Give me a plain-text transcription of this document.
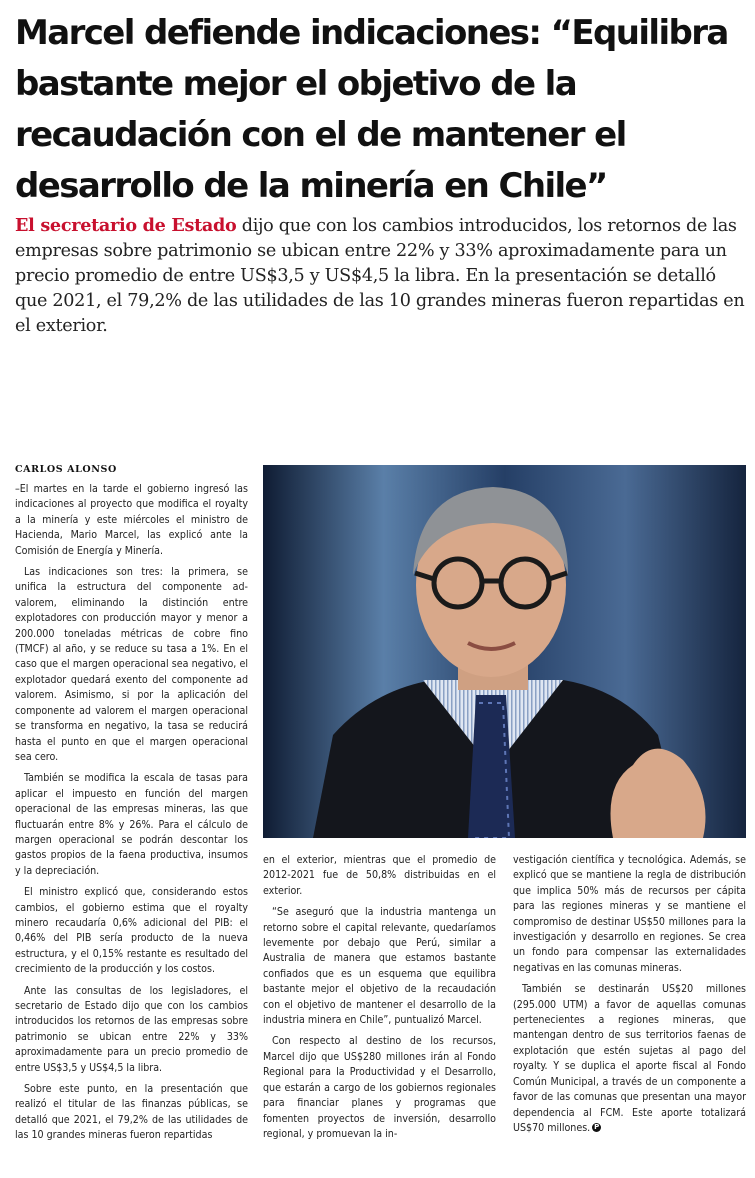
Marcel defiende indicaciones: “Equilibra bastante mejor el objetivo de la recaudación con el de mantener el desarrollo de la minería en Chile”

El secretario de Estado dijo que con los cambios introducidos, los retornos de las empresas sobre patrimonio se ubican entre 22% y 33% aproximadamente para un precio promedio de entre US$3,5 y US$4,5 la libra. En la presentación se detalló que 2021, el 79,2% de las utilidades de las 10 grandes mineras fueron repartidas en el exterior.

CARLOS ALONSO

–El martes en la tarde el gobierno ingresó las indicaciones al proyecto que modifica el royalty a la minería y este miércoles el ministro de Hacienda, Mario Marcel, las explicó ante la Comisión de Energía y Minería.

Las indicaciones son tres: la primera, se unifica la estructura del componente ad-valorem, eliminando la distinción entre explotadores con producción mayor y menor a 200.000 toneladas métricas de cobre fino (TMCF) al año, y se reduce su tasa a 1%. En el caso que el margen operacional sea negativo, el explotador quedará exento del componente ad valorem. Asimismo, si por la aplicación del componente ad valorem el margen operacional se transforma en negativo, la tasa se reducirá hasta el punto en que el margen operacional sea cero.

También se modifica la escala de tasas para aplicar el impuesto en función del margen operacional de las empresas mineras, las que fluctuarán entre 8% y 26%. Para el cálculo de margen operacional se podrán descontar los gastos propios de la faena productiva, insumos y la depreciación.

El ministro explicó que, considerando estos cambios, el gobierno estima que el royalty minero recaudaría 0,6% adicional del PIB: el 0,46% del PIB sería producto de la nueva estructura, y el 0,15% restante es resultado del crecimiento de la producción y los costos.

Ante las consultas de los legisladores, el secretario de Estado dijo que con los cambios introducidos los retornos de las empresas sobre patrimonio se ubican entre 22% y 33% aproximadamente para un precio promedio de entre US$3,5 y US$4,5 la libra.

Sobre este punto, en la presentación que realizó el titular de las finanzas públicas, se detalló que 2021, el 79,2% de las utilidades de las 10 grandes mineras fueron repartidas

en el exterior, mientras que el promedio de 2012-2021 fue de 50,8% distribuidas en el exterior.

“Se aseguró que la industria mantenga un retorno sobre el capital relevante, quedaríamos levemente por debajo que Perú, similar a Australia de manera que estamos bastante confiados que es un esquema que equilibra bastante mejor el objetivo de la recaudación con el objetivo de mantener el desarrollo de la industria minera en Chile”, puntualizó Marcel.

Con respecto al destino de los recursos, Marcel dijo que US$280 millones irán al Fondo Regional para la Productividad y el Desarrollo, que estarán a cargo de los gobiernos regionales para financiar planes y programas que fomenten proyectos de inversión, desarrollo regional, y promuevan la in-

vestigación científica y tecnológica. Además, se explicó que se mantiene la regla de distribución que implica 50% más de recursos per cápita para las regiones mineras y se mantiene el compromiso de destinar US$50 millones para la investigación y desarrollo en regiones. Se crea un fondo para compensar las externalidades negativas en las comunas mineras.

También se destinarán US$20 millones (295.000 UTM) a favor de aquellas comunas pertenecientes a regiones mineras, que mantengan dentro de sus territorios faenas de explotación que estén sujetas al pago del royalty. Y se duplica el aporte fiscal al Fondo Común Municipal, a través de un componente a favor de las comunas que presentan una mayor dependencia al FCM. Este aporte totalizará US$70 millones. P
